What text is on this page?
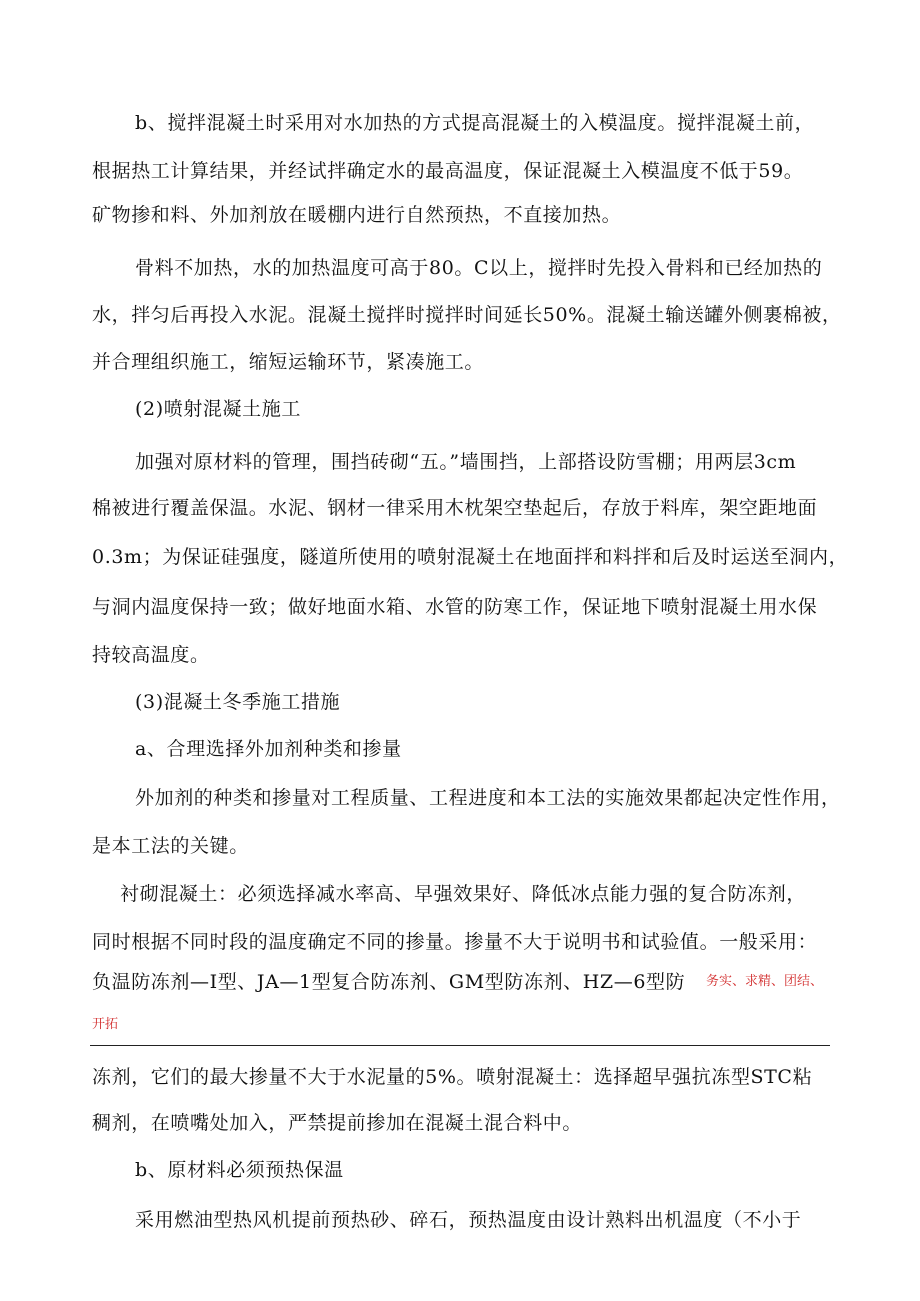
b、搅拌混凝土时采用对水加热的方式提高混凝土的入模温度。搅拌混凝土前，
根据热工计算结果，并经试拌确定水的最高温度，保证混凝土入模温度不低于59。
矿物掺和料、外加剂放在暖棚内进行自然预热，不直接加热。
骨料不加热，水的加热温度可高于80。C以上，搅拌时先投入骨料和已经加热的
水，拌匀后再投入水泥。混凝土搅拌时搅拌时间延长50%。混凝土输送罐外侧裹棉被，
并合理组织施工，缩短运输环节，紧凑施工。
(2)喷射混凝土施工
加强对原材料的管理，围挡砖砌“五。”墙围挡，上部搭设防雪棚；用两层3cm
棉被进行覆盖保温。水泥、钢材一律采用木枕架空垫起后，存放于料库，架空距地面
0.3m；为保证硅强度，隧道所使用的喷射混凝土在地面拌和料拌和后及时运送至洞内，
与洞内温度保持一致；做好地面水箱、水管的防寒工作，保证地下喷射混凝土用水保
持较高温度。
(3)混凝土冬季施工措施
a、合理选择外加剂种类和掺量
外加剂的种类和掺量对工程质量、工程进度和本工法的实施效果都起决定性作用，
是本工法的关键。
衬砌混凝土：必须选择减水率高、早强效果好、降低冰点能力强的复合防冻剂，
同时根据不同时段的温度确定不同的掺量。掺量不大于说明书和试验值。一般采用：
负温防冻剂—Ⅰ型、JA—1型复合防冻剂、GM型防冻剂、HZ—6型防 务实、求精、团结、
开拓
冻剂，它们的最大掺量不大于水泥量的5%。喷射混凝土：选择超早强抗冻型STC粘
稠剂，在喷嘴处加入，严禁提前掺加在混凝土混合料中。
b、原材料必须预热保温
采用燃油型热风机提前预热砂、碎石，预热温度由设计熟料出机温度（不小于
